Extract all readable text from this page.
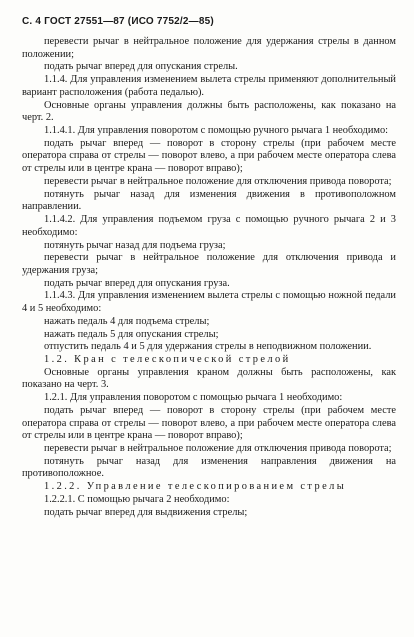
С. 4 ГОСТ 27551—87 (ИСО 7752/2—85)

перевести рычаг в нейтральное положение для удержания стрелы в данном положении;

подать рычаг вперед для опускания стрелы.

1.1.4. Для управления изменением вылета стрелы применяют дополнительный вариант расположения (работа педалью).

Основные органы управления должны быть расположены, как показано на черт. 2.

1.1.4.1. Для управления поворотом с помощью ручного рычага 1 необходимо:

подать рычаг вперед — поворот в сторону стрелы (при рабочем месте оператора справа от стрелы — поворот влево, а при рабочем месте оператора слева от стрелы или в центре крана — поворот вправо);

перевести рычаг в нейтральное положение для отключения привода поворота;

потянуть рычаг назад для изменения движения в противоположном направлении.

1.1.4.2. Для управления подъемом груза с помощью ручного рычага 2 и 3 необходимо:

потянуть рычаг назад для подъема груза;

перевести рычаг в нейтральное положение для отключения привода и удержания груза;

подать рычаг вперед для опускания груза.

1.1.4.3. Для управления изменением вылета стрелы с помощью ножной педали 4 и 5 необходимо:

нажать педаль 4 для подъема стрелы;

нажать педаль 5 для опускания стрелы;

отпустить педаль 4 и 5 для удержания стрелы в неподвижном положении.

1.2. Кран с телескопической стрелой

Основные органы управления краном должны быть расположены, как показано на черт. 3.

1.2.1. Для управления поворотом с помощью рычага 1 необходимо:

подать рычаг вперед — поворот в сторону стрелы (при рабочем месте оператора справа от стрелы — поворот влево, а при рабочем месте оператора слева от стрелы или в центре крана — поворот вправо);

перевести рычаг в нейтральное положение для отключения привода поворота;

потянуть рычаг назад для изменения направления движения на противоположное.

1.2.2. Управление телескопированием стрелы

1.2.2.1. С помощью рычага 2 необходимо:

подать рычаг вперед для выдвижения стрелы;
